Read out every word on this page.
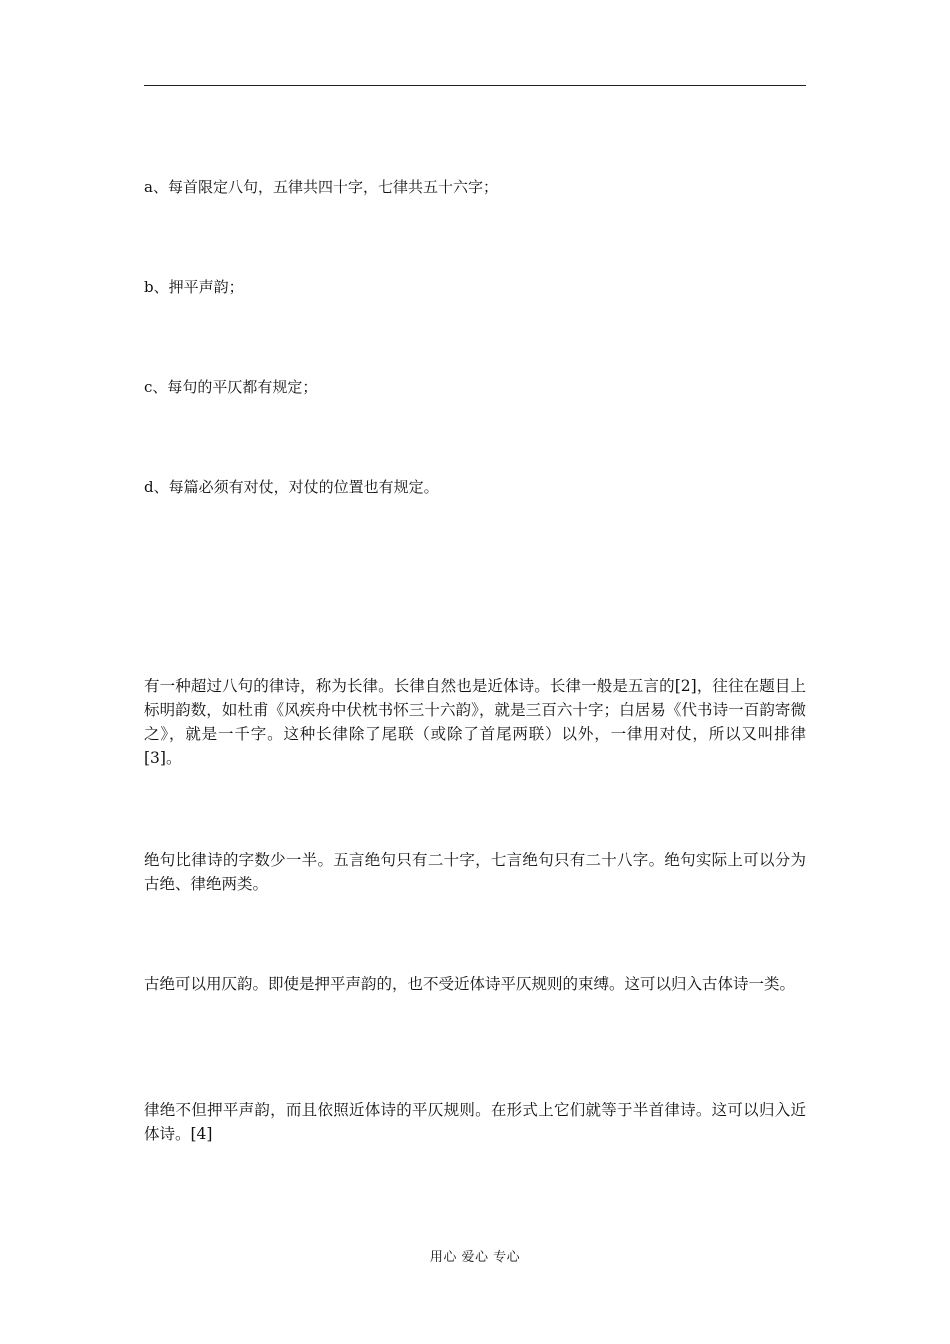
a、每首限定八句，五律共四十字，七律共五十六字；
b、押平声韵；
c、每句的平仄都有规定；
d、每篇必须有对仗，对仗的位置也有规定。
有一种超过八句的律诗，称为长律。长律自然也是近体诗。长律一般是五言的[2]，往往在题目上标明韵数，如杜甫《风疾舟中伏枕书怀三十六韵》，就是三百六十字；白居易《代书诗一百韵寄微之》，就是一千字。这种长律除了尾联（或除了首尾两联）以外，一律用对仗，所以又叫排律[3]。
绝句比律诗的字数少一半。五言绝句只有二十字，七言绝句只有二十八字。绝句实际上可以分为古绝、律绝两类。
古绝可以用仄韵。即使是押平声韵的，也不受近体诗平仄规则的束缚。这可以归入古体诗一类。
律绝不但押平声韵，而且依照近体诗的平仄规则。在形式上它们就等于半首律诗。这可以归入近体诗。[4]
用心 爱心 专心
